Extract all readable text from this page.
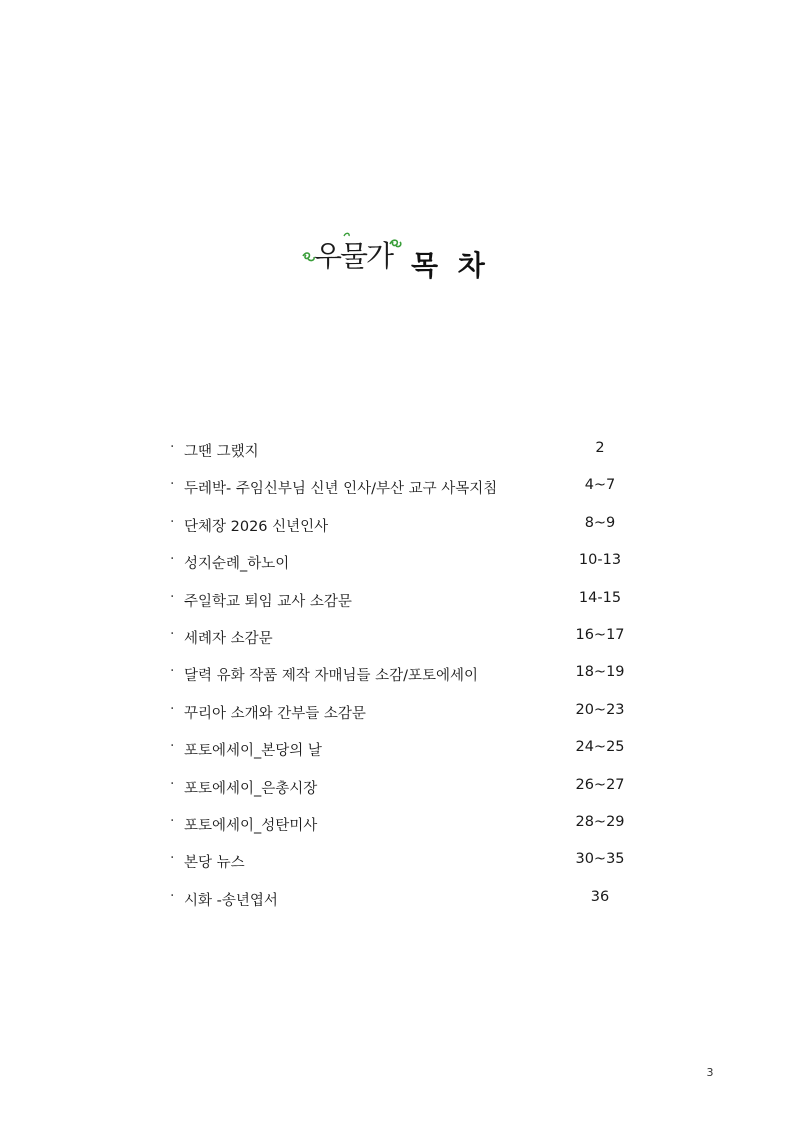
우물가 목 차
· 그땐 그랬지	2
· 두레박- 주임신부님 신년 인사/부산 교구 사목지침	4~7
· 단체장 2026 신년인사	8~9
· 성지순례_하노이	10-13
· 주일학교 퇴임 교사 소감문	14-15
· 세례자 소감문	16~17
· 달력 유화 작품 제작 자매님들 소감/포토에세이	18~19
· 꾸리아 소개와 간부들 소감문	20~23
· 포토에세이_본당의 날	24~25
· 포토에세이_은총시장	26~27
· 포토에세이_성탄미사	28~29
· 본당 뉴스	30~35
· 시화 -송년엽서	36
3
